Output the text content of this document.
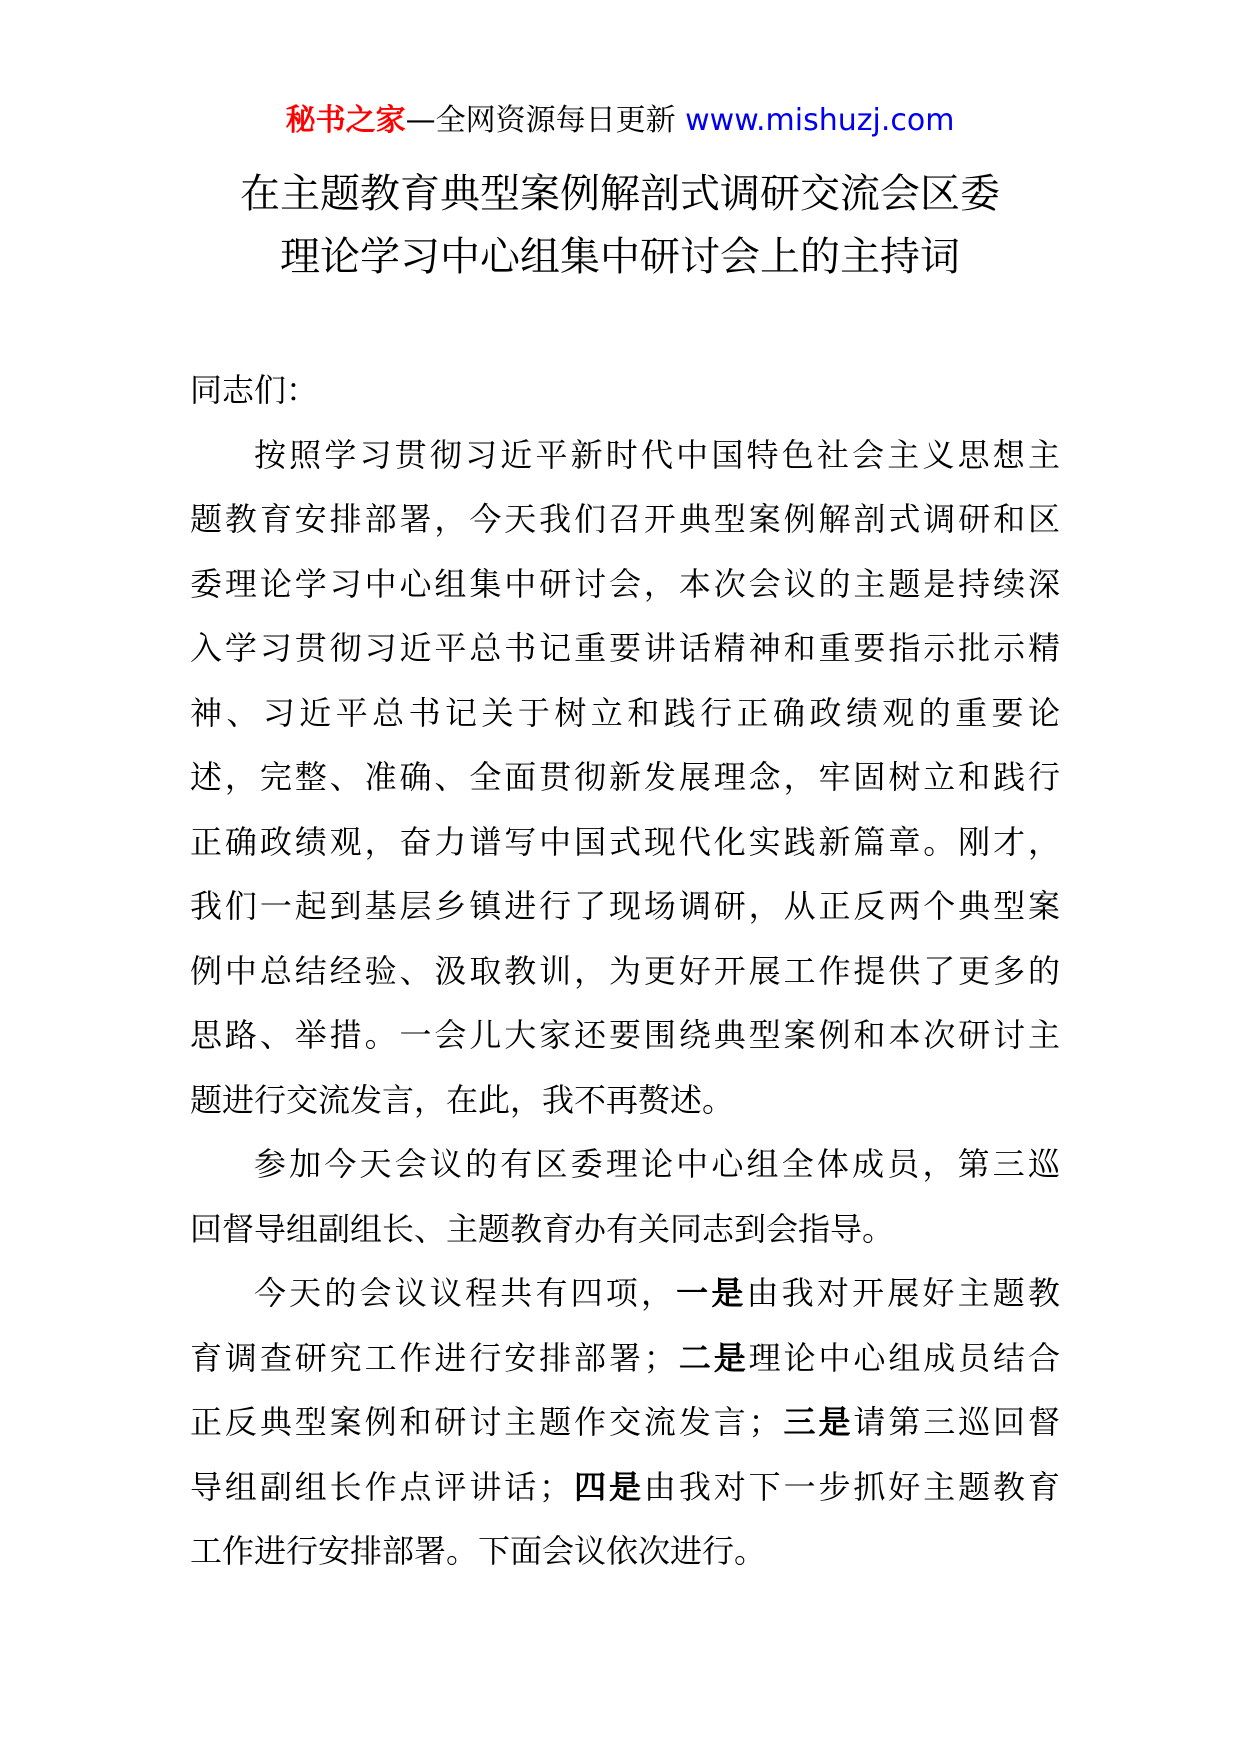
秘书之家—全网资源每日更新 www.mishuzj.com
在主题教育典型案例解剖式调研交流会区委
理论学习中心组集中研讨会上的主持词

同志们：

按照学习贯彻习近平新时代中国特色社会主义思想主
题教育安排部署，今天我们召开典型案例解剖式调研和区
委理论学习中心组集中研讨会，本次会议的主题是持续深
入学习贯彻习近平总书记重要讲话精神和重要指示批示精
神、习近平总书记关于树立和践行正确政绩观的重要论
述，完整、准确、全面贯彻新发展理念，牢固树立和践行
正确政绩观，奋力谱写中国式现代化实践新篇章。刚才，
我们一起到基层乡镇进行了现场调研，从正反两个典型案
例中总结经验、汲取教训，为更好开展工作提供了更多的
思路、举措。一会儿大家还要围绕典型案例和本次研讨主
题进行交流发言，在此，我不再赘述。
参加今天会议的有区委理论中心组全体成员，第三巡
回督导组副组长、主题教育办有关同志到会指导。
今天的会议议程共有四项，一是由我对开展好主题教
育调查研究工作进行安排部署；二是理论中心组成员结合
正反典型案例和研讨主题作交流发言；三是请第三巡回督
导组副组长作点评讲话；四是由我对下一步抓好主题教育
工作进行安排部署。下面会议依次进行。
